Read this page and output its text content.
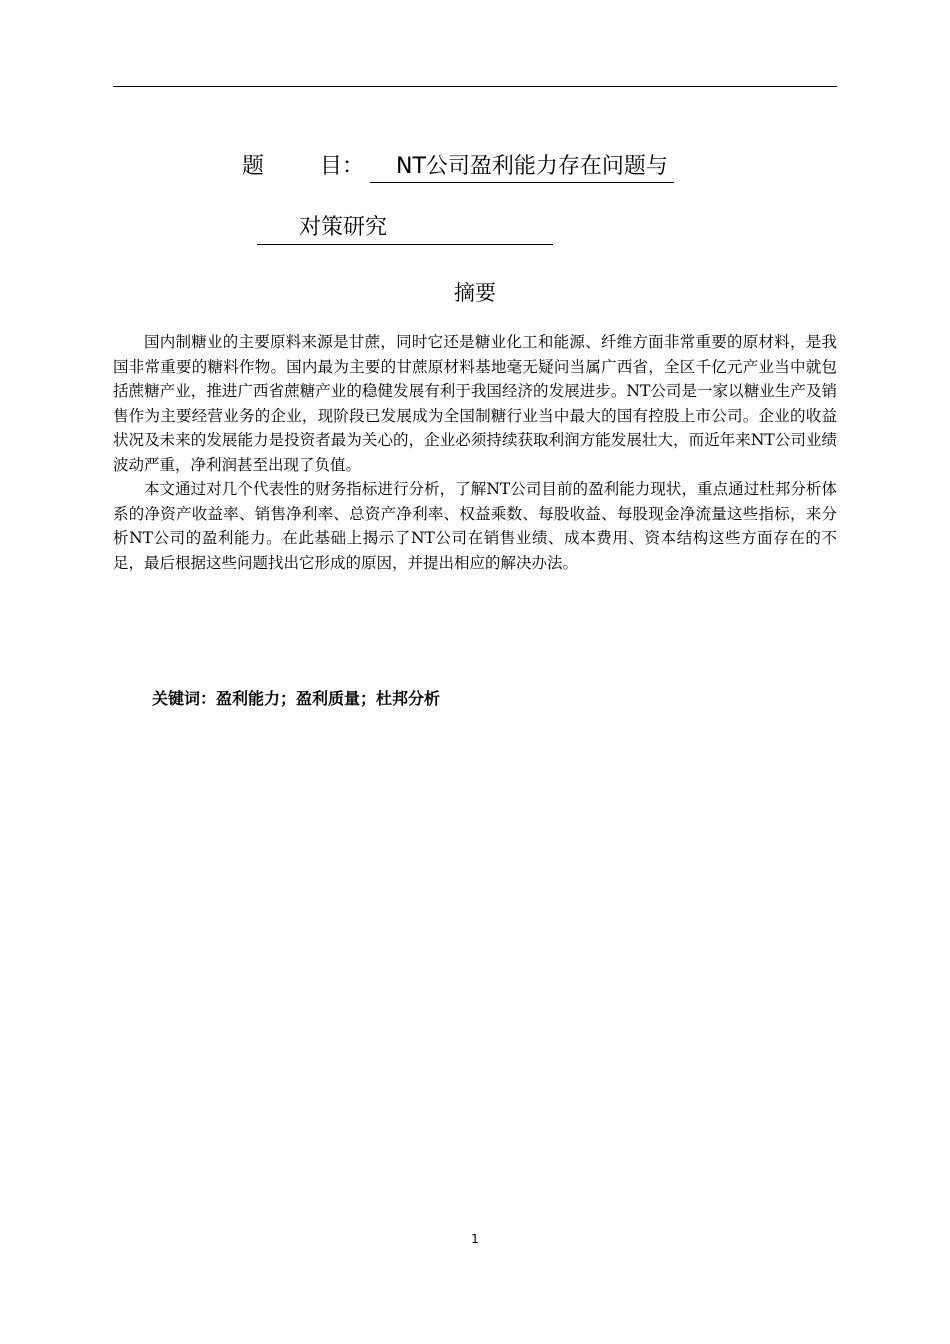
题	目： NT公司盈利能力存在问题与
对策研究
摘要

国内制糖业的主要原料来源是甘蔗，同时它还是糖业化工和能源、纤维方面非常重要的原材料，是我国非常重要的糖料作物。国内最为主要的甘蔗原材料基地毫无疑问当属广西省，全区千亿元产业当中就包括蔗糖产业，推进广西省蔗糖产业的稳健发展有利于我国经济的发展进步。NT公司是一家以糖业生产及销售作为主要经营业务的企业，现阶段已发展成为全国制糖行业当中最大的国有控股上市公司。企业的收益状况及未来的发展能力是投资者最为关心的，企业必须持续获取利润方能发展壮大，而近年来NT公司业绩波动严重，净利润甚至出现了负值。

本文通过对几个代表性的财务指标进行分析，了解NT公司目前的盈利能力现状，重点通过杜邦分析体系的净资产收益率、销售净利率、总资产净利率、权益乘数、每股收益、每股现金净流量这些指标，来分析NT公司的盈利能力。在此基础上揭示了NT公司在销售业绩、成本费用、资本结构这些方面存在的不足，最后根据这些问题找出它形成的原因，并提出相应的解决办法。

关键词：盈利能力；盈利质量；杜邦分析
1
